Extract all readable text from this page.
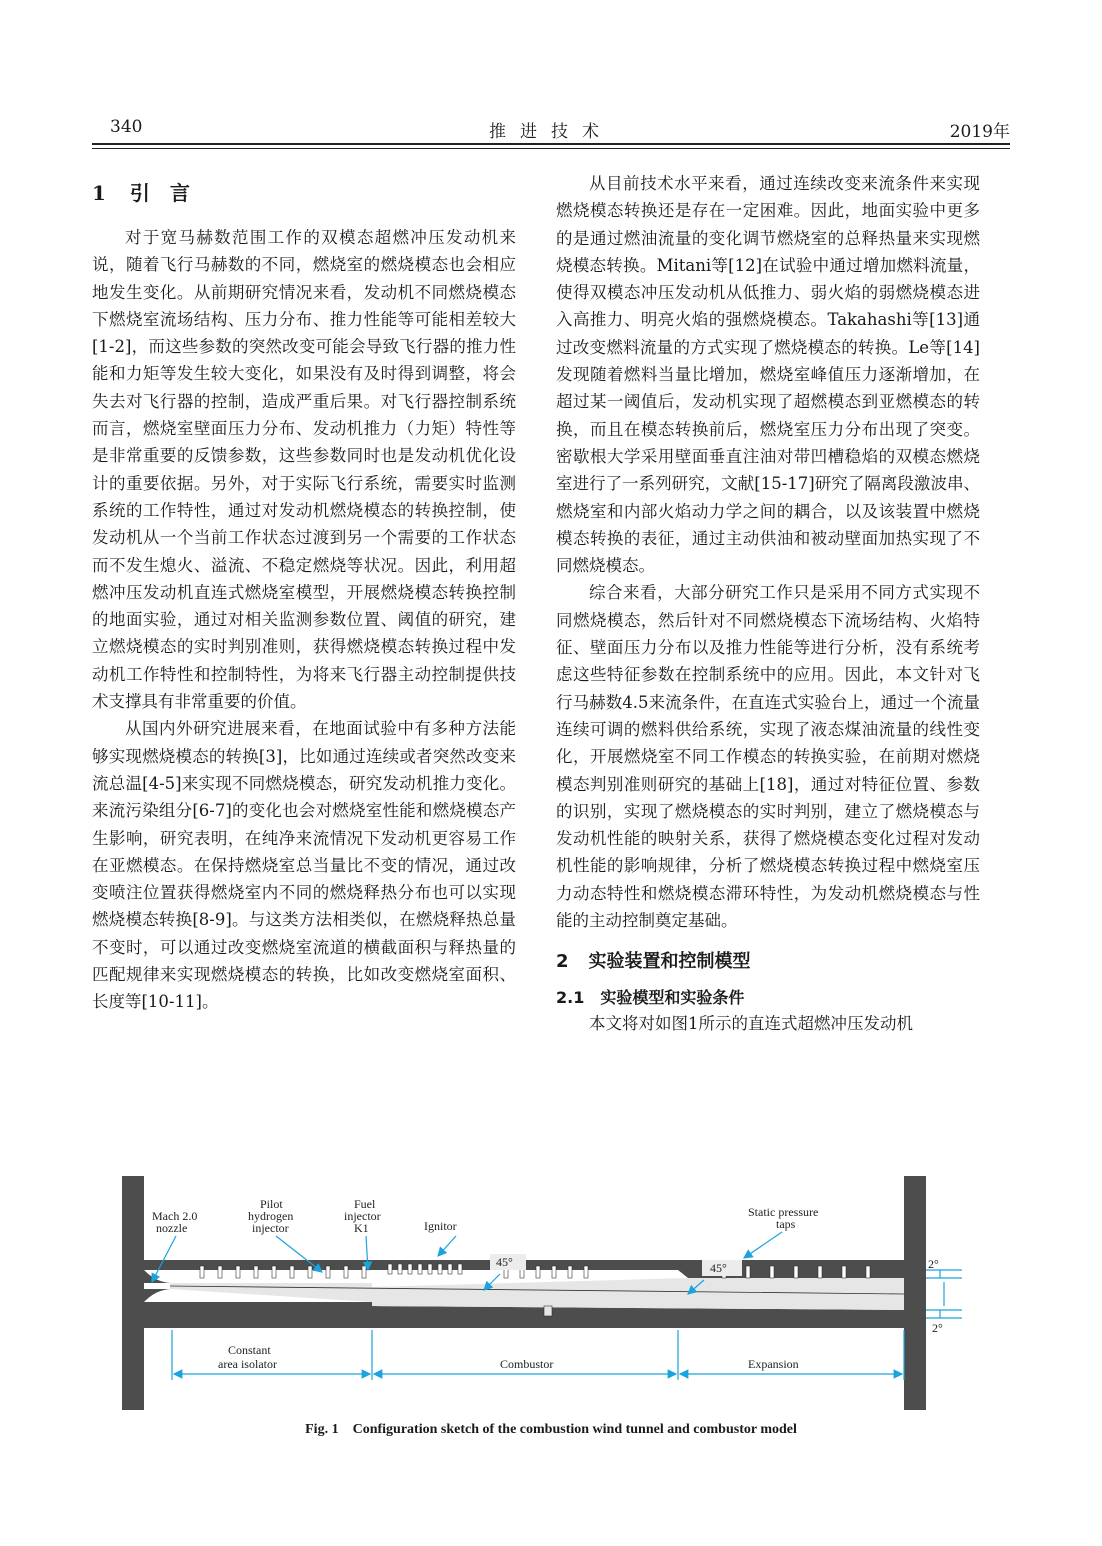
340	推进技术	2019年

1 引言

对于宽马赫数范围工作的双模态超燃冲压发动机来说，随着飞行马赫数的不同，燃烧室的燃烧模态也会相应地发生变化。从前期研究情况来看，发动机不同燃烧模态下燃烧室流场结构、压力分布、推力性能等可能相差较大[1-2]，而这些参数的突然改变可能会导致飞行器的推力性能和力矩等发生较大变化，如果没有及时得到调整，将会失去对飞行器的控制，造成严重后果。对飞行器控制系统而言，燃烧室壁面压力分布、发动机推力（力矩）特性等是非常重要的反馈参数，这些参数同时也是发动机优化设计的重要依据。另外，对于实际飞行系统，需要实时监测系统的工作特性，通过对发动机燃烧模态的转换控制，使发动机从一个当前工作状态过渡到另一个需要的工作状态而不发生熄火、溢流、不稳定燃烧等状况。因此，利用超燃冲压发动机直连式燃烧室模型，开展燃烧模态转换控制的地面实验，通过对相关监测参数位置、阈值的研究，建立燃烧模态的实时判别准则，获得燃烧模态转换过程中发动机工作特性和控制特性，为将来飞行器主动控制提供技术支撑具有非常重要的价值。

从国内外研究进展来看，在地面试验中有多种方法能够实现燃烧模态的转换[3]，比如通过连续或者突然改变来流总温[4-5]来实现不同燃烧模态，研究发动机推力变化。来流污染组分[6-7]的变化也会对燃烧室性能和燃烧模态产生影响，研究表明，在纯净来流情况下发动机更容易工作在亚燃模态。在保持燃烧室总当量比不变的情况，通过改变喷注位置获得燃烧室内不同的燃烧释热分布也可以实现燃烧模态转换[8-9]。与这类方法相类似，在燃烧释热总量不变时，可以通过改变燃烧室流道的横截面积与释热量的匹配规律来实现燃烧模态的转换，比如改变燃烧室面积、长度等[10-11]。

从目前技术水平来看，通过连续改变来流条件来实现燃烧模态转换还是存在一定困难。因此，地面实验中更多的是通过燃油流量的变化调节燃烧室的总释热量来实现燃烧模态转换。Mitani等[12]在试验中通过增加燃料流量，使得双模态冲压发动机从低推力、弱火焰的弱燃烧模态进入高推力、明亮火焰的强燃烧模态。Takahashi等[13]通过改变燃料流量的方式实现了燃烧模态的转换。Le等[14]发现随着燃料当量比增加，燃烧室峰值压力逐渐增加，在超过某一阈值后，发动机实现了超燃模态到亚燃模态的转换，而且在模态转换前后，燃烧室压力分布出现了突变。密歇根大学采用壁面垂直注油对带凹槽稳焰的双模态燃烧室进行了一系列研究，文献[15-17]研究了隔离段激波串、燃烧室和内部火焰动力学之间的耦合，以及该装置中燃烧模态转换的表征，通过主动供油和被动壁面加热实现了不同燃烧模态。

综合来看，大部分研究工作只是采用不同方式实现不同燃烧模态，然后针对不同燃烧模态下流场结构、火焰特征、壁面压力分布以及推力性能等进行分析，没有系统考虑这些特征参数在控制系统中的应用。因此，本文针对飞行马赫数4.5来流条件，在直连式实验台上，通过一个流量连续可调的燃料供给系统，实现了液态煤油流量的线性变化，开展燃烧室不同工作模态的转换实验，在前期对燃烧模态判别准则研究的基础上[18]，通过对特征位置、参数的识别，实现了燃烧模态的实时判别，建立了燃烧模态与发动机性能的映射关系，获得了燃烧模态变化过程对发动机性能的影响规律，分析了燃烧模态转换过程中燃烧室压力动态特性和燃烧模态滞环特性，为发动机燃烧模态与性能的主动控制奠定基础。

2 实验装置和控制模型

2.1 实验模型和实验条件

本文将对如图1所示的直连式超燃冲压发动机

45°	45°
Mach 2.0
nozzle
Pilot
hydrogen
injector
Fuel
injector
K1	Ignitor
Static pressure
taps
2°
2°
Constant
area isolator	Combustor	Expansion
Fig. 1 Configuration sketch of the combustion wind tunnel and combustor model
